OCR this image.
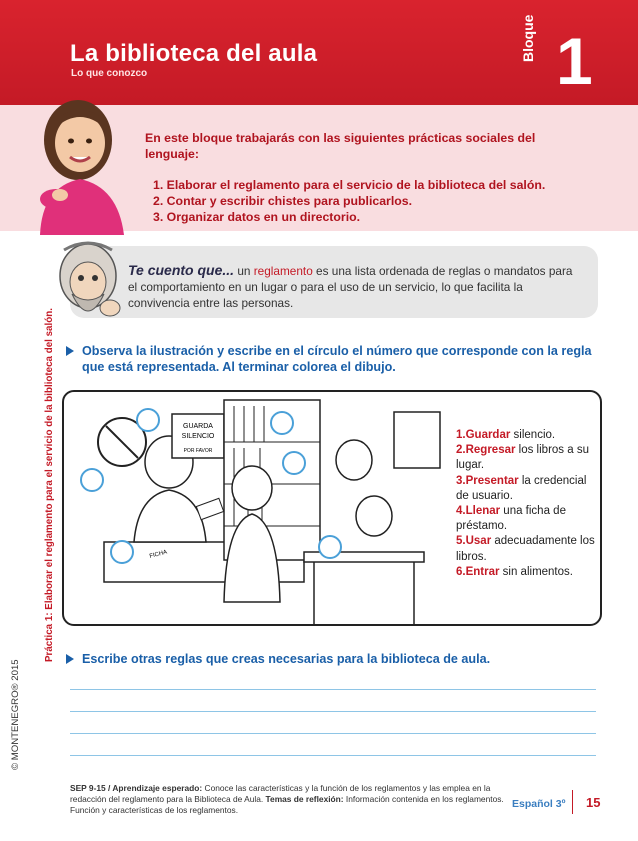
La biblioteca del aula
Lo que conozco
Bloque 1
En este bloque trabajarás con las siguientes prácticas sociales del lenguaje:
1. Elaborar el reglamento para el servicio de la biblioteca del salón.
2. Contar y escribir chistes para publicarlos.
3. Organizar datos en un directorio.
Te cuento que... un reglamento es una lista ordenada de reglas o mandatos para el comportamiento en un lugar o para el uso de un servicio, lo que facilita la convivencia entre las personas.
Práctica 1: Elaborar el reglamento para el servicio de la biblioteca del salón.
© MONTENEGRO® 2015
Observa la ilustración y escribe en el círculo el número que corresponde con la regla que está representada. Al terminar colorea el dibujo.
GUARDA
SILENCIO
POR FAVOR
FICHA
1.Guardar silencio.
2.Regresar los libros a su lugar.
3.Presentar la credencial de usuario.
4.Llenar una ficha de préstamo.
5.Usar adecuadamente los libros.
6.Entrar sin alimentos.
Escribe otras reglas que creas necesarias para la biblioteca de aula.
SEP 9-15 / Aprendizaje esperado: Conoce las características y la función de los reglamentos y las emplea en la redacción del reglamento para la Biblioteca de Aula. Temas de reflexión: Información contenida en los reglamentos. Función y características de los reglamentos.	Español 3º 15
